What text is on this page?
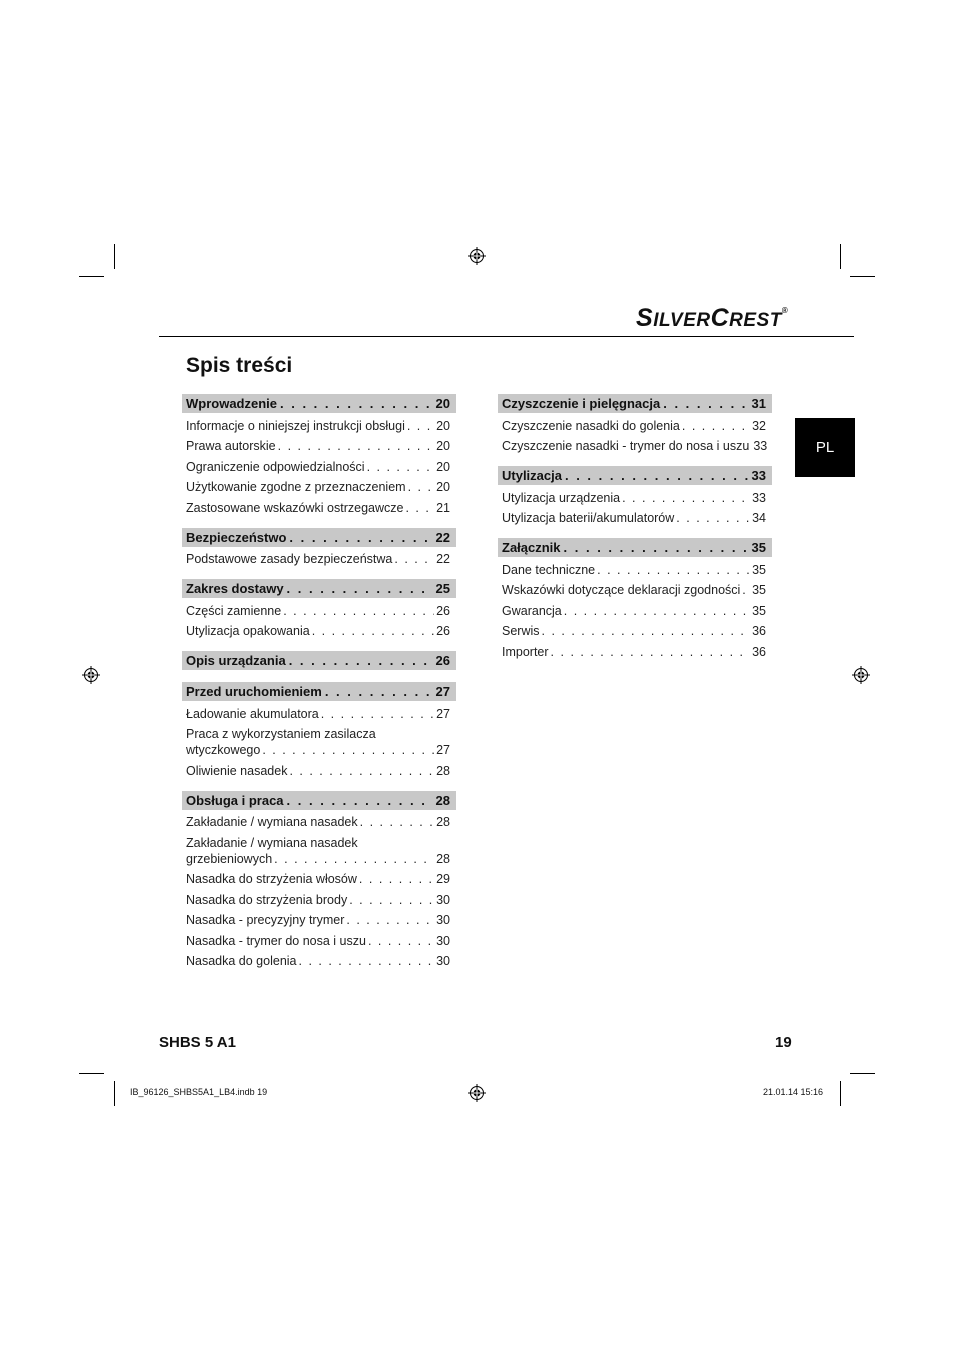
SILVERCREST®
Spis treści
Wprowadzenie . . .	20
Informacje o niniejszej instrukcji obsługi . . . 20
Prawa autorskie . . .	20
Ograniczenie odpowiedzialności . . .	20
Użytkowanie zgodne z przeznaczeniem . . . 20
Zastosowane wskazówki ostrzegawcze . . .	21
Bezpieczeństwo . . .	22
Podstawowe zasady bezpieczeństwa . . .	22
Zakres dostawy . . .	25
Części zamienne . . .	26
Utylizacja opakowania . . .	26
Opis urządzania . . .	26
Przed uruchomieniem . . .	27
Ładowanie akumulatora . . .	27
Praca z wykorzystaniem zasilacza
wtyczkowego . . .	27
Oliwienie nasadek . . .	28
Obsługa i praca . . .	28
Zakładanie / wymiana nasadek . . .	28
Zakładanie / wymiana nasadek
grzebieniowych . . .	28
Nasadka do strzyżenia włosów . . .	29
Nasadka do strzyżenia brody . . .	30
Nasadka - precyzyjny trymer . . .	30
Nasadka - trymer do nosa i uszu . . .	30
Nasadka do golenia . . .	30
Czyszczenie i pielęgnacja . . .	31
Czyszczenie nasadki do golenia . . .	32
Czyszczenie nasadki - trymer do nosa i uszu 33
Utylizacja . . .	33
Utylizacja urządzenia . . .	33
Utylizacja baterii/akumulatorów . . .	34
Załącznik . . .	35
Dane techniczne . . .	35
Wskazówki dotyczące deklaracji zgodności . . . 35
Gwarancja . . .	35
Serwis . . .	36
Importer . . .	36
PL
SHBS 5 A1	19
IB_96126_SHBS5A1_LB4.indb 19	21.01.14 15:16
